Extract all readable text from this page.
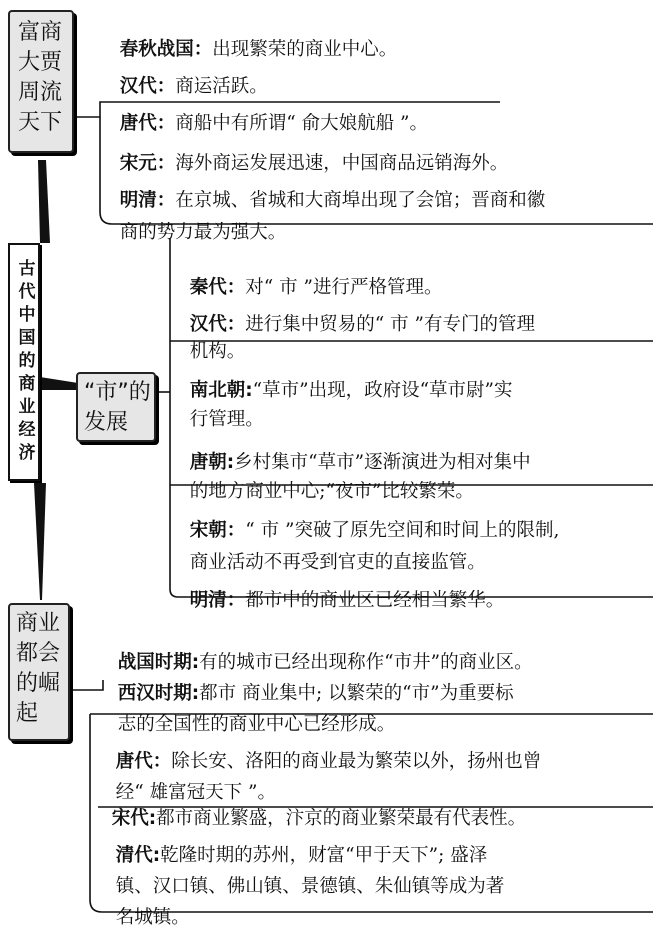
富商
大贾
周流
天下
古代中国的商业经济 “市”的
发展
商业
都会
的崛
起

春秋战国：出现繁荣的商业中心。

汉代：商运活跃。

唐代：商船中有所谓“ 俞大娘航船 ”。

宋元：海外商运发展迅速，中国商品远销海外。

明清：在京城、省城和大商埠出现了会馆；晋商和徽

商的势力最为强大。

秦代：对“ 市 ”进行严格管理。

汉代：进行集中贸易的“ 市 ”有专门的管理

机构。

南北朝:“草市”出现，政府设“草市尉”实

行管理。

唐朝:乡村集市“草市”逐渐演进为相对集中

的地方商业中心;“夜市”比较繁荣。

宋朝：“ 市 ”突破了原先空间和时间上的限制,

商业活动不再受到官吏的直接监管。

明清：都市中的商业区已经相当繁华。

战国时期:有的城市已经出现称作“市井”的商业区。

西汉时期:都市 商业集中; 以繁荣的“市”为重要标

志的全国性的商业中心已经形成。

唐代：除长安、洛阳的商业最为繁荣以外，扬州也曾

经“ 雄富冠天下 ”。

宋代:都市商业繁盛，汴京的商业繁荣最有代表性。

清代:乾隆时期的苏州，财富“甲于天下”; 盛泽

镇、汉口镇、佛山镇、景德镇、朱仙镇等成为著

名城镇。
